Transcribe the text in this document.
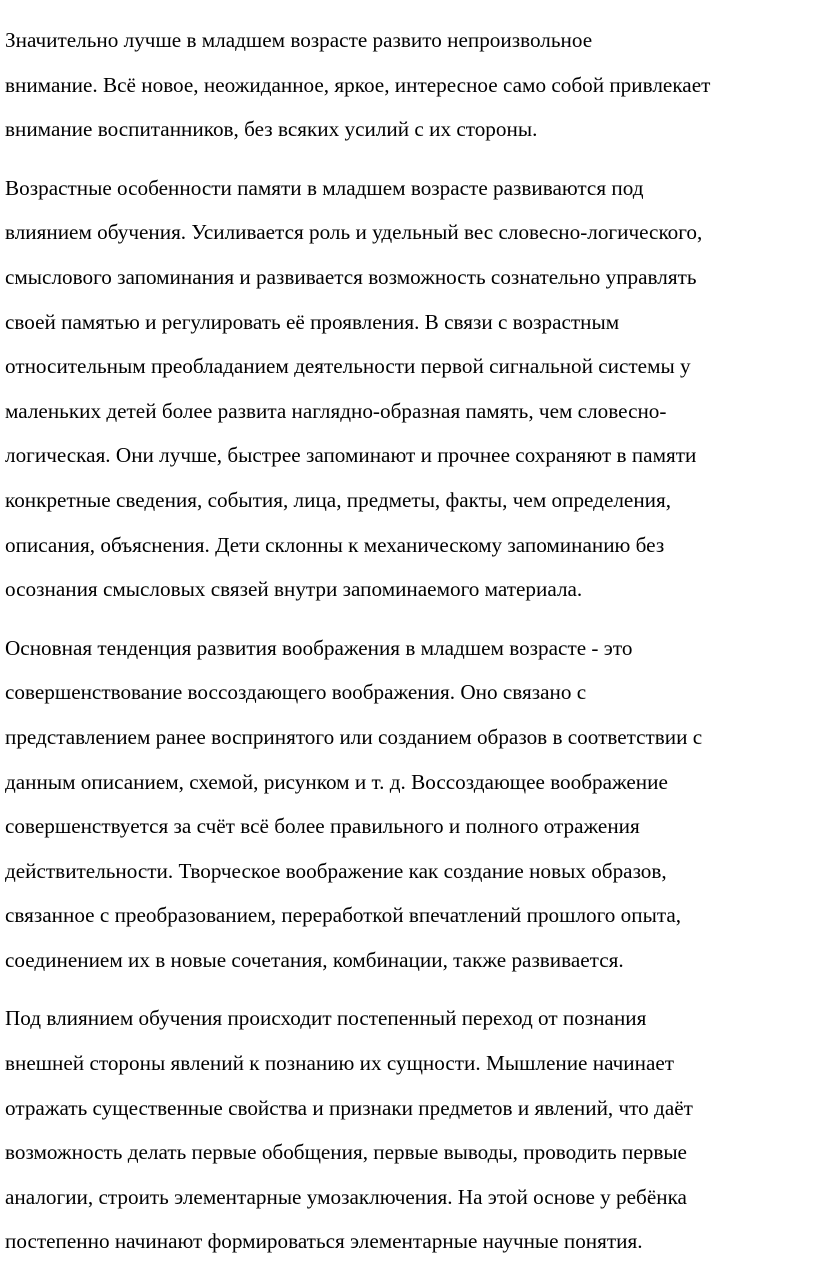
Значительно лучше в младшем возрасте развито непроизвольное
внимание. Всё новое, неожиданное, яркое, интересное само собой привлекает
внимание воспитанников, без всяких усилий с их стороны.
Возрастные особенности памяти в младшем возрасте развиваются под
влиянием обучения. Усиливается роль и удельный вес словесно-логического,
смыслового запоминания и развивается возможность сознательно управлять
своей памятью и регулировать её проявления. В связи с возрастным
относительным преобладанием деятельности первой сигнальной системы у
маленьких детей более развита наглядно-образная память, чем словесно-
логическая. Они лучше, быстрее запоминают и прочнее сохраняют в памяти
конкретные сведения, события, лица, предметы, факты, чем определения,
описания, объяснения. Дети склонны к механическому запоминанию без
осознания смысловых связей внутри запоминаемого материала.
Основная тенденция развития воображения в младшем возрасте - это
совершенствование воссоздающего воображения. Оно связано с
представлением ранее воспринятого или созданием образов в соответствии с
данным описанием, схемой, рисунком и т. д. Воссоздающее воображение
совершенствуется за счёт всё более правильного и полного отражения
действительности. Творческое воображение как создание новых образов,
связанное с преобразованием, переработкой впечатлений прошлого опыта,
соединением их в новые сочетания, комбинации, также развивается.
Под влиянием обучения происходит постепенный переход от познания
внешней стороны явлений к познанию их сущности. Мышление начинает
отражать существенные свойства и признаки предметов и явлений, что даёт
возможность делать первые обобщения, первые выводы, проводить первые
аналогии, строить элементарные умозаключения. На этой основе у ребёнка
постепенно начинают формироваться элементарные научные понятия.
